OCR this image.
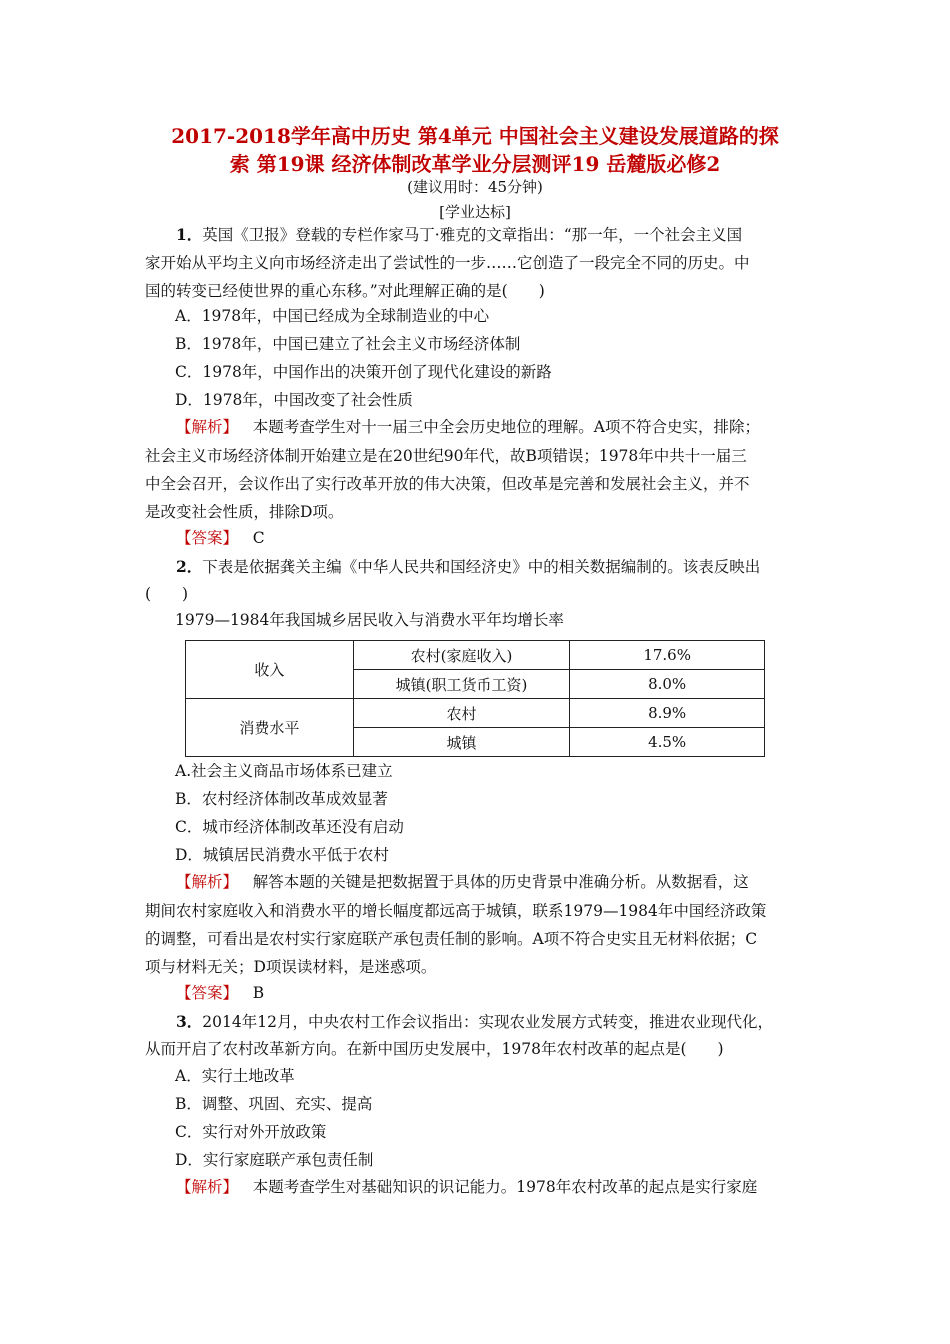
2017-2018学年高中历史 第4单元 中国社会主义建设发展道路的探
索 第19课 经济体制改革学业分层测评19 岳麓版必修2
(建议用时：45分钟)
[学业达标]
1．英国《卫报》登载的专栏作家马丁·雅克的文章指出：“那一年，一个社会主义国
家开始从平均主义向市场经济走出了尝试性的一步……它创造了一段完全不同的历史。中
国的转变已经使世界的重心东移。”对此理解正确的是(　　)
A．1978年，中国已经成为全球制造业的中心
B．1978年，中国已建立了社会主义市场经济体制
C．1978年，中国作出的决策开创了现代化建设的新路
D．1978年，中国改变了社会性质
【解析】 本题考查学生对十一届三中全会历史地位的理解。A项不符合史实，排除；
社会主义市场经济体制开始建立是在20世纪90年代，故B项错误；1978年中共十一届三
中全会召开，会议作出了实行改革开放的伟大决策，但改革是完善和发展社会主义，并不
是改变社会性质，排除D项。
【答案】 C
2．下表是依据龚关主编《中华人民共和国经济史》中的相关数据编制的。该表反映出
(　　)
1979—1984年我国城乡居民收入与消费水平年均增长率
收入	农村(家庭收入)	17.6%
	城镇(职工货币工资)	8.0%
消费水平	农村	8.9%
	城镇	4.5%
A.社会主义商品市场体系已建立
B．农村经济体制改革成效显著
C．城市经济体制改革还没有启动
D．城镇居民消费水平低于农村
【解析】 解答本题的关键是把数据置于具体的历史背景中准确分析。从数据看，这
期间农村家庭收入和消费水平的增长幅度都远高于城镇，联系1979—1984年中国经济政策
的调整，可看出是农村实行家庭联产承包责任制的影响。A项不符合史实且无材料依据；C
项与材料无关；D项误读材料，是迷惑项。
【答案】 B
3．2014年12月，中央农村工作会议指出：实现农业发展方式转变，推进农业现代化，
从而开启了农村改革新方向。在新中国历史发展中，1978年农村改革的起点是(　　)
A．实行土地改革
B．调整、巩固、充实、提高
C．实行对外开放政策
D．实行家庭联产承包责任制
【解析】 本题考查学生对基础知识的识记能力。1978年农村改革的起点是实行家庭
